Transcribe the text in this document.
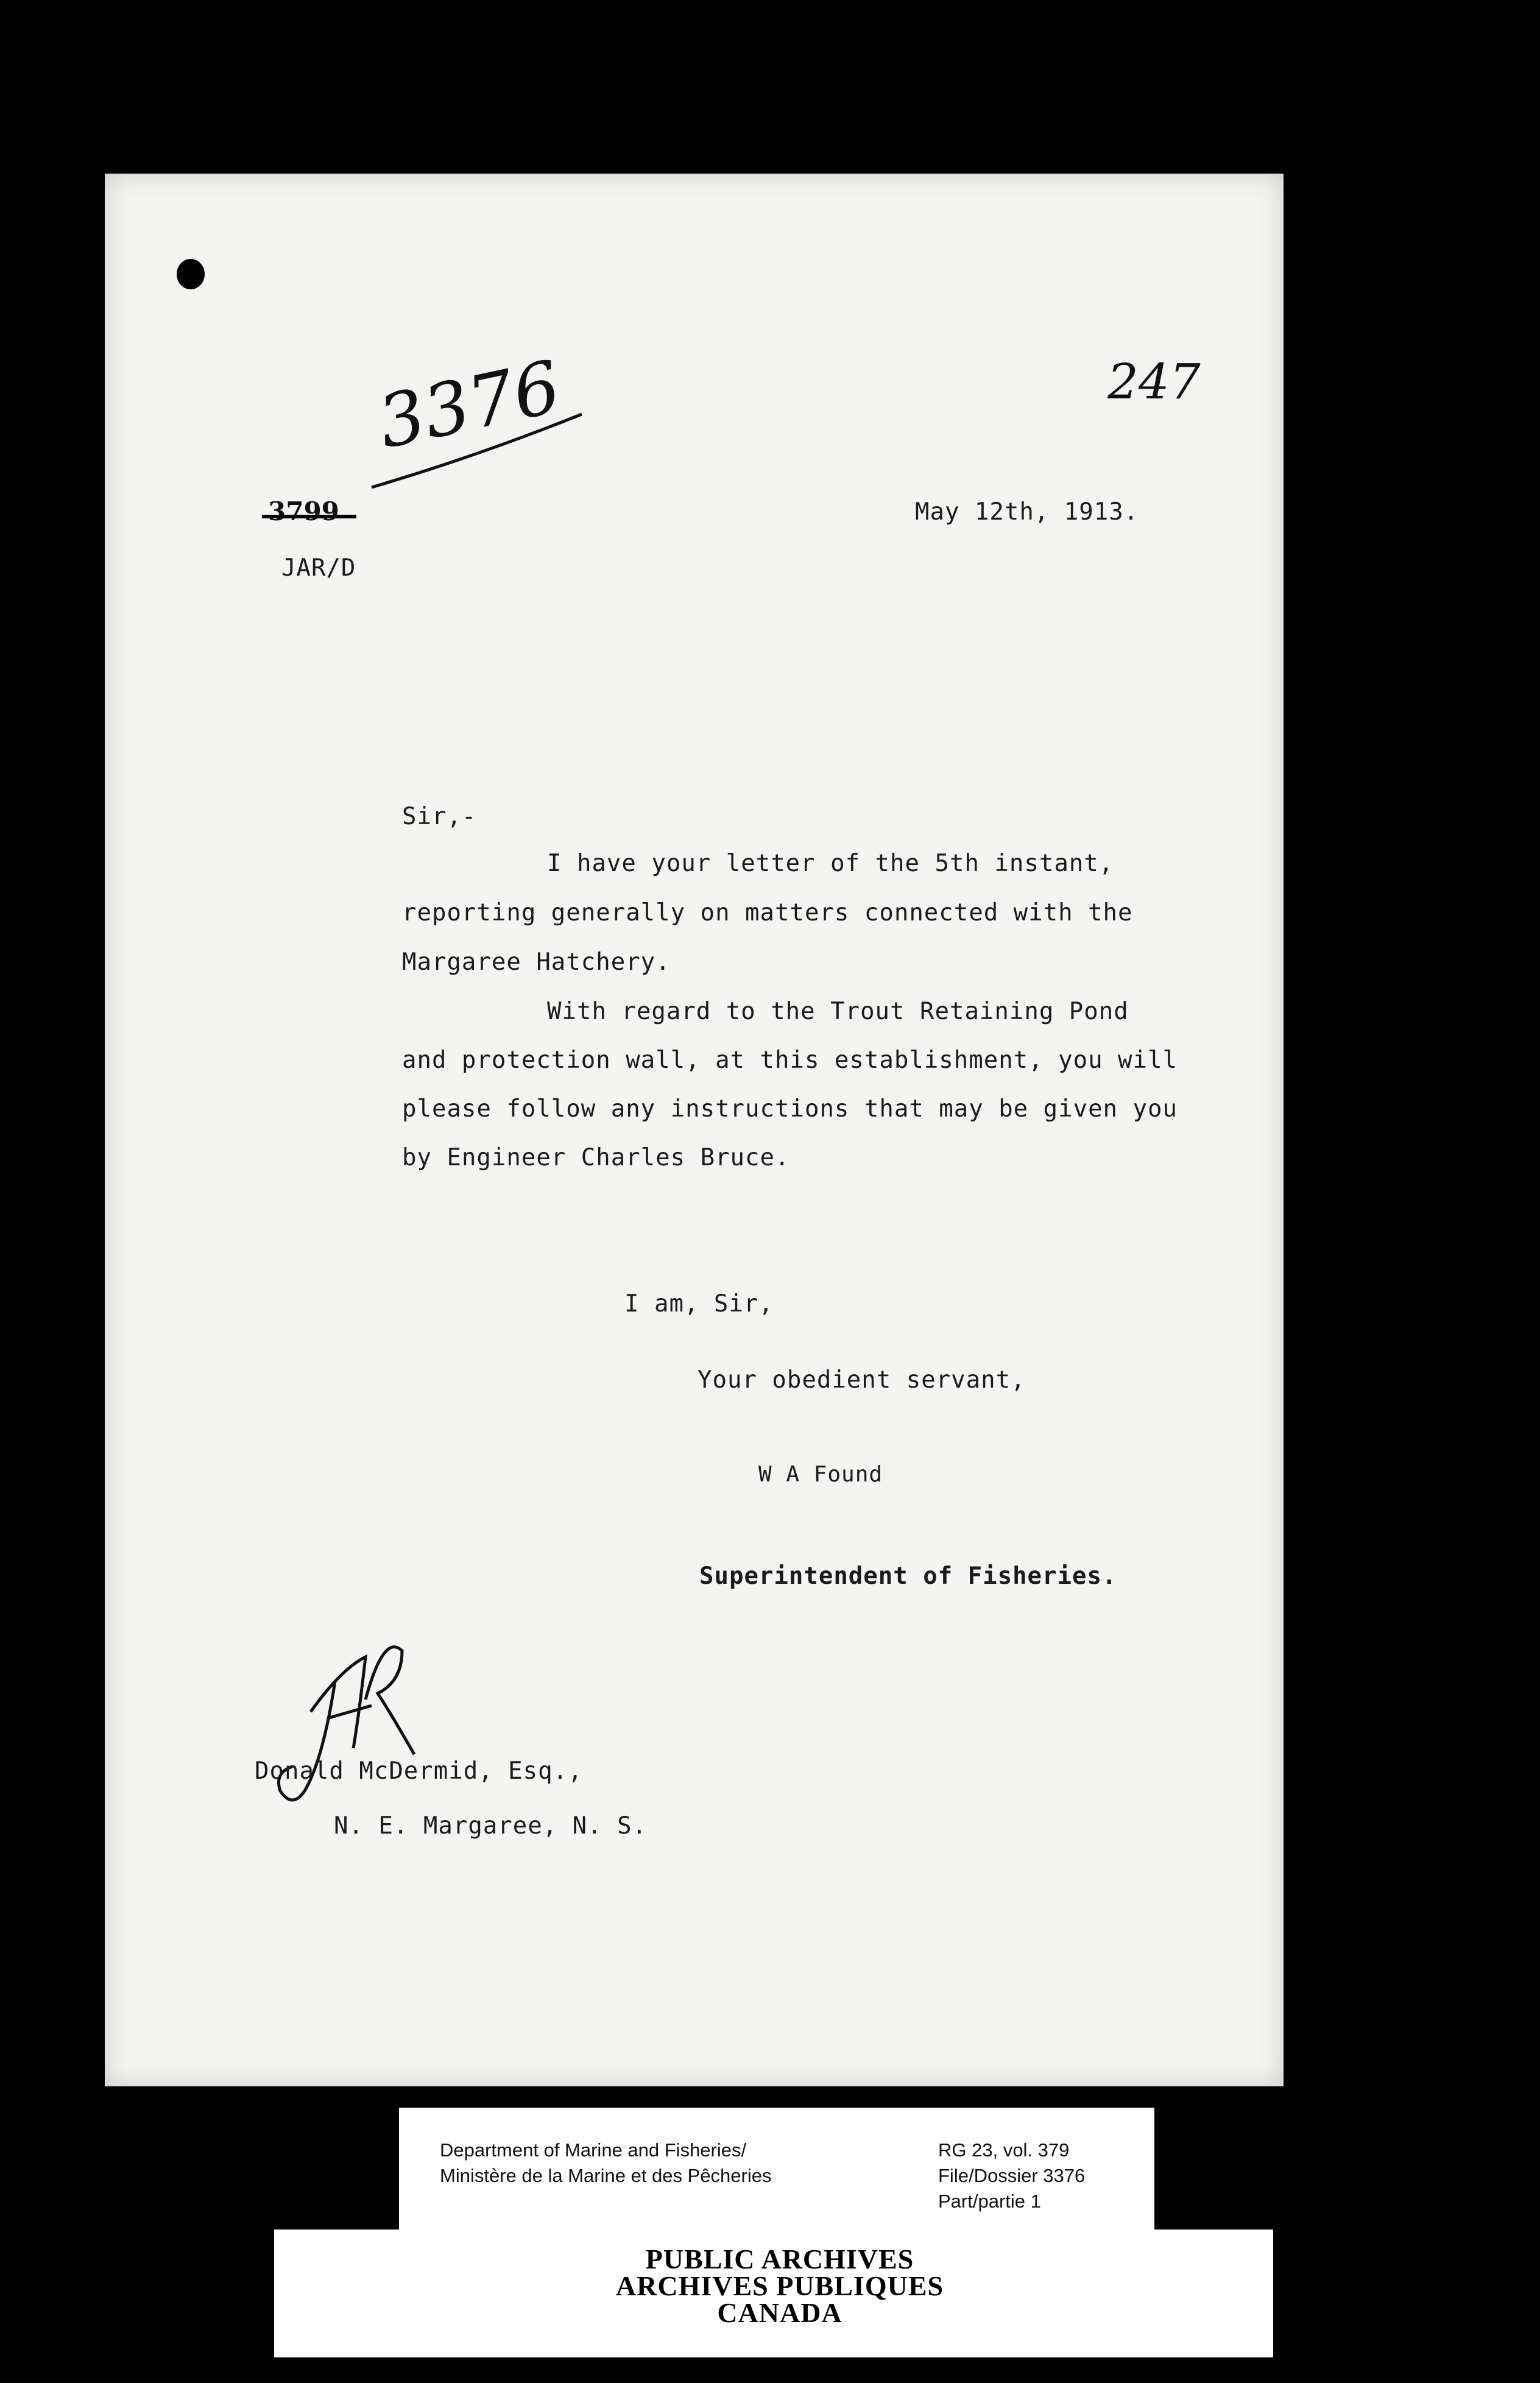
3376	247
3799	May 12th, 1913.
JAR/D
Sir,-
I have your letter of the 5th instant,
reporting generally on matters connected with the
Margaree Hatchery.
With regard to the Trout Retaining Pond
and protection wall, at this establishment, you will
please follow any instructions that may be given you
by Engineer Charles Bruce.
I am, Sir,
Your obedient servant,
W A Found
Superintendent of Fisheries.
Donald McDermid, Esq.,
N. E. Margaree, N. S.
Department of Marine and Fisheries/
Ministère de la Marine et des Pêcheries
RG 23, vol. 379
File/Dossier 3376
Part/partie 1
PUBLIC ARCHIVES
ARCHIVES PUBLIQUES
CANADA
